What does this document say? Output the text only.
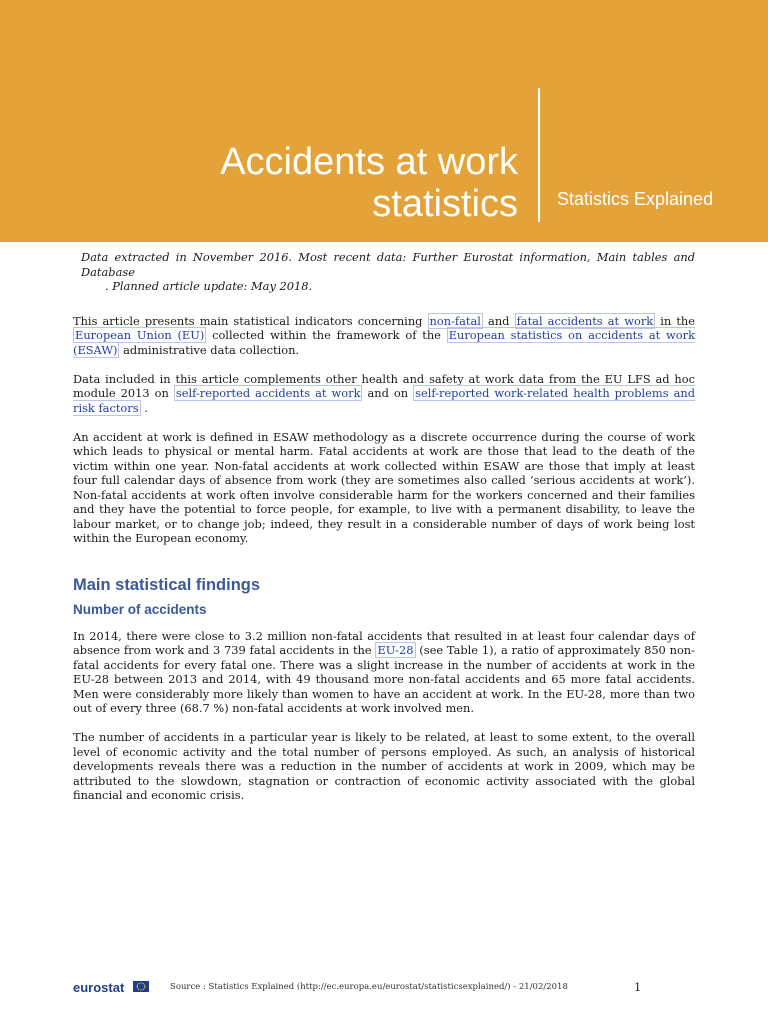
Accidents at work
statistics Statistics Explained
Data extracted in November 2016. Most recent data: Further Eurostat information, Main tables and Database
. Planned article update: May 2018.

This article presents main statistical indicators concerning non-fatal and fatal accidents at work in the European Union (EU) collected within the framework of the European statistics on accidents at work (ESAW) administrative data collection.

Data included in this article complements other health and safety at work data from the EU LFS ad hoc module 2013 on self-reported accidents at work and on self-reported work-related health problems and risk factors .

An accident at work is defined in ESAW methodology as a discrete occurrence during the course of work which leads to physical or mental harm. Fatal accidents at work are those that lead to the death of the victim within one year. Non-fatal accidents at work collected within ESAW are those that imply at least four full calendar days of absence from work (they are sometimes also called ’serious accidents at work’). Non-fatal accidents at work often involve considerable harm for the workers concerned and their families and they have the potential to force people, for example, to live with a permanent disability, to leave the labour market, or to change job; indeed, they result in a considerable number of days of work being lost within the European economy.

Main statistical findings
Number of accidents

In 2014, there were close to 3.2 million non-fatal accidents that resulted in at least four calendar days of absence from work and 3 739 fatal accidents in the EU-28 (see Table 1), a ratio of approximately 850 non-fatal accidents for every fatal one. There was a slight increase in the number of accidents at work in the EU-28 between 2013 and 2014, with 49 thousand more non-fatal accidents and 65 more fatal accidents. Men were considerably more likely than women to have an accident at work. In the EU-28, more than two out of every three (68.7 %) non-fatal accidents at work involved men.

The number of accidents in a particular year is likely to be related, at least to some extent, to the overall level of economic activity and the total number of persons employed. As such, an analysis of historical developments reveals there was a reduction in the number of accidents at work in 2009, which may be attributed to the slowdown, stagnation or contraction of economic activity associated with the global financial and economic crisis.

eurostat	Source : Statistics Explained (http://ec.europa.eu/eurostat/statisticsexplained/) - 21/02/2018	1
